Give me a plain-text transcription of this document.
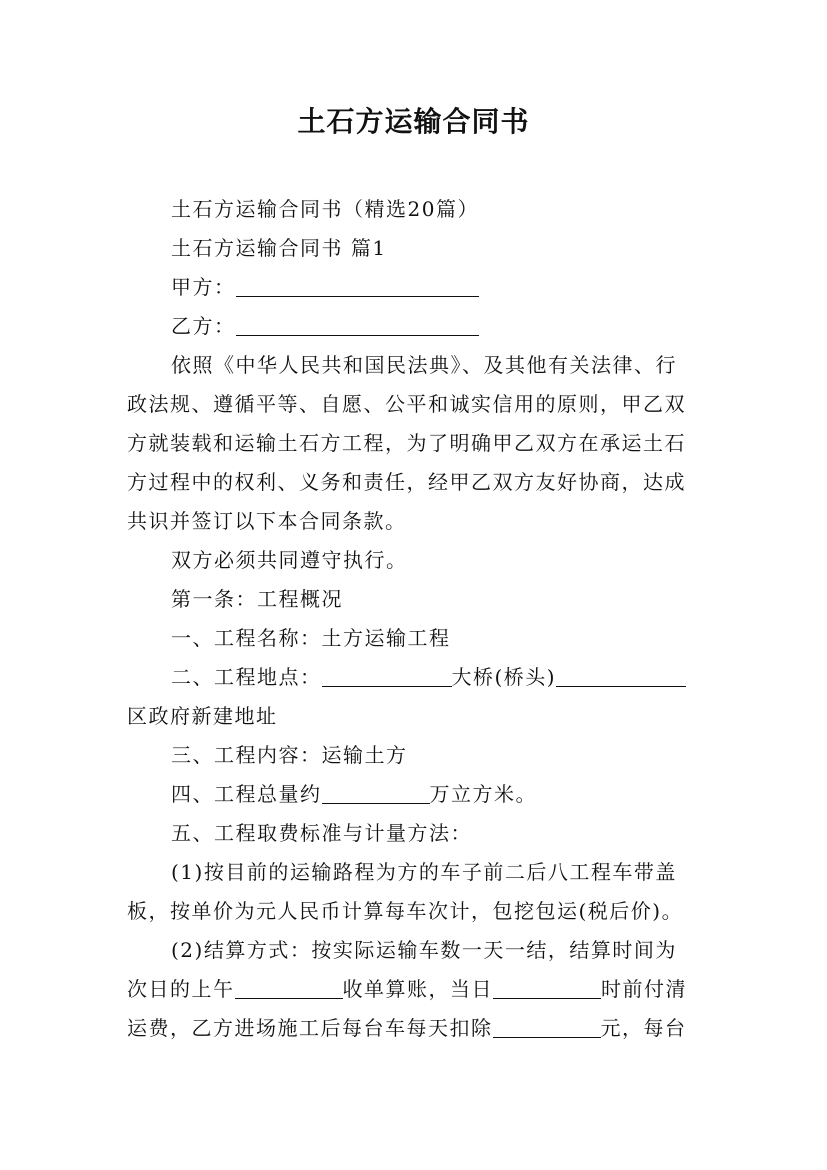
土石方运输合同书
土石方运输合同书（精选20篇）
土石方运输合同书 篇1
甲方：
乙方：
依照《中华人民共和国民法典》、及其他有关法律、行
政法规、遵循平等、自愿、公平和诚实信用的原则，甲乙双
方就装载和运输土石方工程，为了明确甲乙双方在承运土石
方过程中的权利、义务和责任，经甲乙双方友好协商，达成
共识并签订以下本合同条款。
双方必须共同遵守执行。
第一条：工程概况
一、工程名称：土方运输工程
二、工程地点：	大桥(桥头)
区政府新建地址
三、工程内容：运输土方
四、工程总量约	万立方米。
五、工程取费标准与计量方法：
(1)按目前的运输路程为方的车子前二后八工程车带盖
板，按单价为元人民币计算每车次计，包挖包运(税后价)。
(2)结算方式：按实际运输车数一天一结，结算时间为
次日的上午	收单算账，当日	时前付清
运费，乙方进场施工后每台车每天扣除	元，每台
